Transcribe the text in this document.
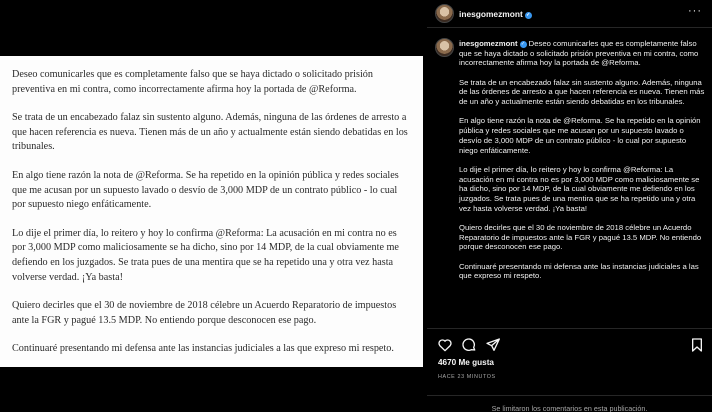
Deseo comunicarles que es completamente falso que se haya dictado o solicitado prisión preventiva en mi contra, como incorrectamente afirma hoy la portada de @Reforma.

Se trata de un encabezado falaz sin sustento alguno. Además, ninguna de las órdenes de arresto a que hacen referencia es nueva. Tienen más de un año y actualmente están siendo debatidas en los tribunales.

En algo tiene razón la nota de @Reforma. Se ha repetido en la opinión pública y redes sociales que me acusan por un supuesto lavado o desvío de 3,000 MDP de un contrato público - lo cual por supuesto niego enfáticamente.

Lo dije el primer día, lo reitero y hoy lo confirma @Reforma: La acusación en mi contra no es por 3,000 MDP como maliciosamente se ha dicho, sino por 14 MDP, de la cual obviamente me defiendo en los juzgados. Se trata pues de una mentira que se ha repetido una y otra vez hasta volverse verdad. ¡Ya basta!

Quiero decirles que el 30 de noviembre de 2018 célebre un Acuerdo Reparatorio de impuestos ante la FGR y pagué 13.5 MDP. No entiendo porque desconocen ese pago.

Continuaré presentando mi defensa ante las instancias judiciales a las que expreso mi respeto.

inesgomezmont ✓	···

inesgomezmont ✓ Deseo comunicarles que es completamente falso que se haya dictado o solicitado prisión preventiva en mi contra, como incorrectamente afirma hoy la portada de @Reforma.

Se trata de un encabezado falaz sin sustento alguno. Además, ninguna de las órdenes de arresto a que hacen referencia es nueva. Tienen más de un año y actualmente están siendo debatidas en los tribunales.

En algo tiene razón la nota de @Reforma. Se ha repetido en la opinión pública y redes sociales que me acusan por un supuesto lavado o desvío de 3,000 MDP de un contrato público - lo cual por supuesto niego enfáticamente.

Lo dije el primer día, lo reitero y hoy lo confirma @Reforma: La acusación en mi contra no es por 3,000 MDP como maliciosamente se ha dicho, sino por 14 MDP, de la cual obviamente me defiendo en los juzgados. Se trata pues de una mentira que se ha repetido una y otra vez hasta volverse verdad. ¡Ya basta!

Quiero decirles que el 30 de noviembre de 2018 célebre un Acuerdo Reparatorio de impuestos ante la FGR y pagué 13.5 MDP. No entiendo porque desconocen ese pago.

Continuaré presentando mi defensa ante las instancias judiciales a las que expreso mi respeto.

4670 Me gusta
HACE 23 MINUTOS
Se limitaron los comentarios en esta publicación.
